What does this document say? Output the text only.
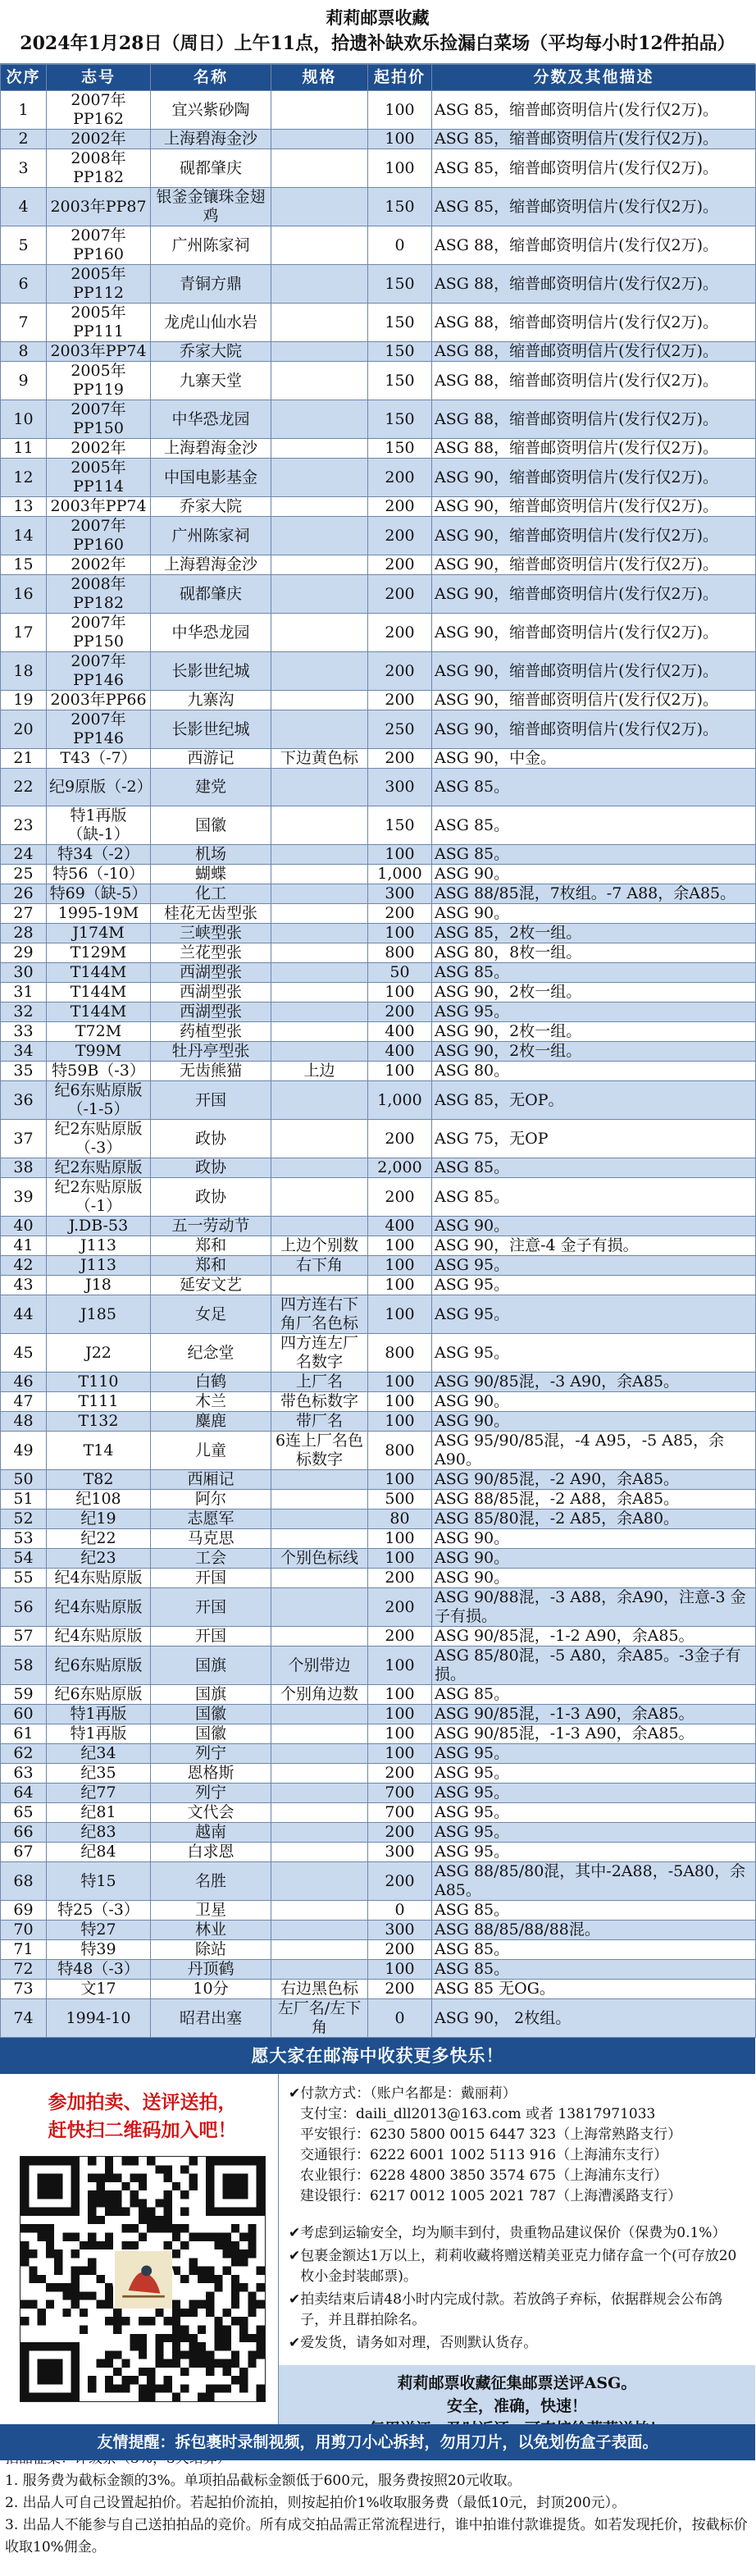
莉莉邮票收藏
2024年1月28日（周日）上午11点，拾遗补缺欢乐捡漏白菜场（平均每小时12件拍品）
次序	志号	名称	规格	起拍价	分数及其他描述
1	2007年PP162	宜兴紫砂陶		100	ASG 85，缩普邮资明信片(发行仅2万)。
2	2002年	上海碧海金沙		100	ASG 85，缩普邮资明信片(发行仅2万)。
3	2008年PP182	砚都肇庆		100	ASG 85，缩普邮资明信片(发行仅2万)。
4	2003年PP87	银釜金镶珠金翅鸡		150	ASG 85，缩普邮资明信片(发行仅2万)。
5	2007年PP160	广州陈家祠		0	ASG 88，缩普邮资明信片(发行仅2万)。
6	2005年PP112	青铜方鼎		150	ASG 88，缩普邮资明信片(发行仅2万)。
7	2005年PP111	龙虎山仙水岩		150	ASG 88，缩普邮资明信片(发行仅2万)。
8	2003年PP74	乔家大院		150	ASG 88，缩普邮资明信片(发行仅2万)。
9	2005年PP119	九寨天堂		150	ASG 88，缩普邮资明信片(发行仅2万)。
10	2007年PP150	中华恐龙园		150	ASG 88，缩普邮资明信片(发行仅2万)。
11	2002年	上海碧海金沙		150	ASG 88，缩普邮资明信片(发行仅2万)。
12	2005年PP114	中国电影基金		200	ASG 90，缩普邮资明信片(发行仅2万)。
13	2003年PP74	乔家大院		200	ASG 90，缩普邮资明信片(发行仅2万)。
14	2007年PP160	广州陈家祠		200	ASG 90，缩普邮资明信片(发行仅2万)。
15	2002年	上海碧海金沙		200	ASG 90，缩普邮资明信片(发行仅2万)。
16	2008年PP182	砚都肇庆		200	ASG 90，缩普邮资明信片(发行仅2万)。
17	2007年PP150	中华恐龙园		200	ASG 90，缩普邮资明信片(发行仅2万)。
18	2007年PP146	长影世纪城		200	ASG 90，缩普邮资明信片(发行仅2万)。
19	2003年PP66	九寨沟		200	ASG 90，缩普邮资明信片(发行仅2万)。
20	2007年PP146	长影世纪城		250	ASG 90，缩普邮资明信片(发行仅2万)。
21	T43（-7）	西游记	下边黄色标	200	ASG 90，中金。
22	纪9原版（-2）	建党		300	ASG 85。
23	特1再版（缺-1）	国徽		150	ASG 85。
24	特34（-2）	机场		100	ASG 85。
25	特56（-10）	蝴蝶		1,000	ASG 90。
26	特69（缺-5）	化工		300	ASG 88/85混，7枚组。-7 A88，余A85。
27	1995-19M	桂花无齿型张		200	ASG 90。
28	J174M	三峡型张		100	ASG 85，2枚一组。
29	T129M	兰花型张		800	ASG 80，8枚一组。
30	T144M	西湖型张		50	ASG 85。
31	T144M	西湖型张		100	ASG 90，2枚一组。
32	T144M	西湖型张		200	ASG 95。
33	T72M	药植型张		400	ASG 90，2枚一组。
34	T99M	牡丹亭型张		400	ASG 90，2枚一组。
35	特59B（-3）	无齿熊猫	上边	100	ASG 80。
36	纪6东贴原版（-1-5）	开国		1,000	ASG 85，无OP。
37	纪2东贴原版（-3）	政协		200	ASG 75，无OP
38	纪2东贴原版	政协		2,000	ASG 85。
39	纪2东贴原版（-1）	政协		200	ASG 85。
40	J.DB-53	五一劳动节		400	ASG 90。
41	J113	郑和	上边个别数	100	ASG 90，注意-4 金子有损。
42	J113	郑和	右下角	100	ASG 95。
43	J18	延安文艺		100	ASG 95。
44	J185	女足	四方连右下角厂名色标	100	ASG 95。
45	J22	纪念堂	四方连左厂名数字	800	ASG 95。
46	T110	白鹤	上厂名	100	ASG 90/85混，-3 A90，余A85。
47	T111	木兰	带色标数字	100	ASG 90。
48	T132	麋鹿	带厂名	100	ASG 90。
49	T14	儿童	6连上厂名色标数字	800	ASG 95/90/85混，-4 A95，-5 A85，余A90。
50	T82	西厢记		100	ASG 90/85混，-2 A90，余A85。
51	纪108	阿尔		500	ASG 88/85混，-2 A88，余A85。
52	纪19	志愿军		80	ASG 85/80混，-2 A85，余A80。
53	纪22	马克思		100	ASG 90。
54	纪23	工会	个别色标线	100	ASG 90。
55	纪4东贴原版	开国		200	ASG 90。
56	纪4东贴原版	开国		200	ASG 90/88混，-3 A88，余A90，注意-3 金子有损。
57	纪4东贴原版	开国		200	ASG 90/85混，-1-2 A90，余A85。
58	纪6东贴原版	国旗	个别带边	100	ASG 85/80混，-5 A80，余A85。-3金子有损。
59	纪6东贴原版	国旗	个别角边数	100	ASG 85。
60	特1再版	国徽		100	ASG 90/85混，-1-3 A90，余A85。
61	特1再版	国徽		100	ASG 90/85混，-1-3 A90，余A85。
62	纪34	列宁		100	ASG 95。
63	纪35	恩格斯		200	ASG 95。
64	纪77	列宁		700	ASG 95。
65	纪81	文代会		700	ASG 95。
66	纪83	越南		200	ASG 95。
67	纪84	白求恩		300	ASG 95。
68	特15	名胜		200	ASG 88/85/80混，其中-2A88，-5A80，余A85。
69	特25（-3）	卫星		0	ASG 85。
70	特27	林业		300	ASG 88/85/88/88混。
71	特39	除站		200	ASG 85。
72	特48（-3）	丹顶鹤		100	ASG 85。
73	文17	10分	右边黑色标	200	ASG 85 无OG。
74	1994-10	昭君出塞	左厂名/左下角	0	ASG 90， 2枚组。
愿大家在邮海中收获更多快乐！
参加拍卖、送评送拍，
赶快扫二维码加入吧！
✔ 付款方式：（账户名都是：戴丽莉）
支付宝：daili_dll2013@163.com 或者 13817971033
平安银行：6230 5800 0015 6447 323（上海常熟路支行）
交通银行：6222 6001 1002 5113 916（上海浦东支行）
农业银行：6228 4800 3850 3574 675（上海浦东支行）
建设银行：6217 0012 1005 2021 787（上海漕溪路支行）
✔ 考虑到运输安全，均为顺丰到付，贵重物品建议保价（保费为0.1%）
✔ 包裹金额达1万以上，莉莉收藏将赠送精美亚克力储存盒一个(可存放20枚小金封装邮票)。
✔ 拍卖结束后请48小时内完成付款。若放鸽子弃标，依据群规会公布鸽子，并且群拍除名。
✔ 爱发货，请务如对理，否则默认货存。
莉莉邮票收藏征集邮票送评ASG。
安全，准确，快速！
1. 服务费为截标金额的3%。单项拍品截标金额低于600元，服务费按照20元收取。
2. 出品人可自己设置起拍价。若起拍价流拍，则按起拍价1%收取服务费（最低10元，封顶200元）。
3. 出品人不能参与自己送拍拍品的竞价。所有成交拍品需正常流程进行，谁中拍谁付款谁提货。如若发现托价，按截标价收取10%佣金。
友情提醒：拆包裹时录制视频，用剪刀小心拆封，勿用刀片，以免划伤盒子表面。
